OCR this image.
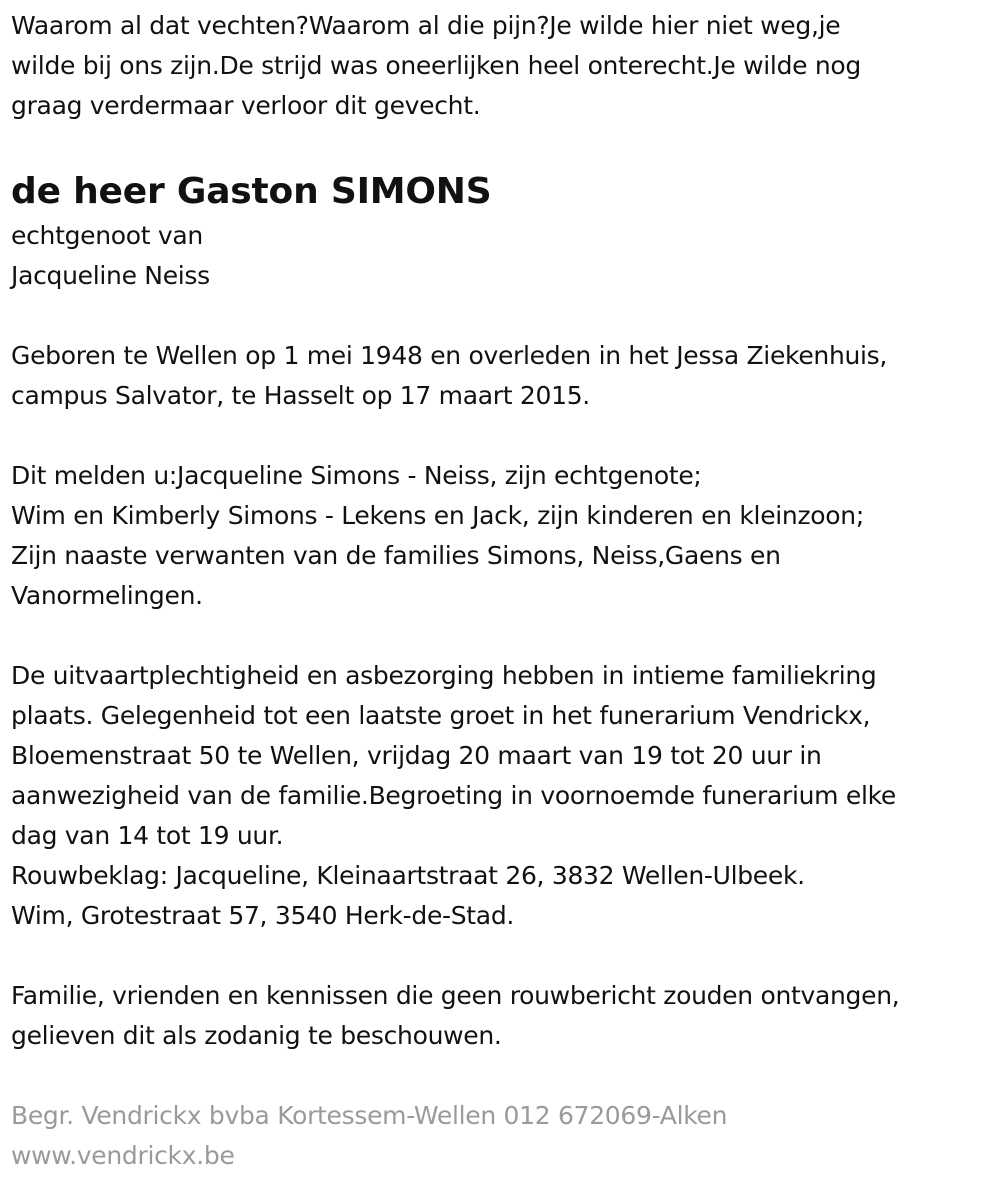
Waarom al dat vechten?Waarom al die pijn?Je wilde hier niet weg,je
wilde bij ons zijn.De strijd was oneerlijken heel onterecht.Je wilde nog
graag verdermaar verloor dit gevecht.
de heer Gaston SIMONS
echtgenoot van
Jacqueline Neiss
Geboren te Wellen op 1 mei 1948 en overleden in het Jessa Ziekenhuis,
campus Salvator, te Hasselt op 17 maart 2015.
Dit melden u:Jacqueline Simons - Neiss, zijn echtgenote;
Wim en Kimberly Simons - Lekens en Jack, zijn kinderen en kleinzoon;
Zijn naaste verwanten van de families Simons, Neiss,Gaens en
Vanormelingen.
De uitvaartplechtigheid en asbezorging hebben in intieme familiekring
plaats. Gelegenheid tot een laatste groet in het funerarium Vendrickx,
Bloemenstraat 50 te Wellen, vrijdag 20 maart van 19 tot 20 uur in
aanwezigheid van de familie.Begroeting in voornoemde funerarium elke
dag van 14 tot 19 uur.
Rouwbeklag: Jacqueline, Kleinaartstraat 26, 3832 Wellen-Ulbeek.
Wim, Grotestraat 57, 3540 Herk-de-Stad.
Familie, vrienden en kennissen die geen rouwbericht zouden ontvangen,
gelieven dit als zodanig te beschouwen.
Begr. Vendrickx bvba Kortessem-Wellen 012 672069-Alken
www.vendrickx.be
